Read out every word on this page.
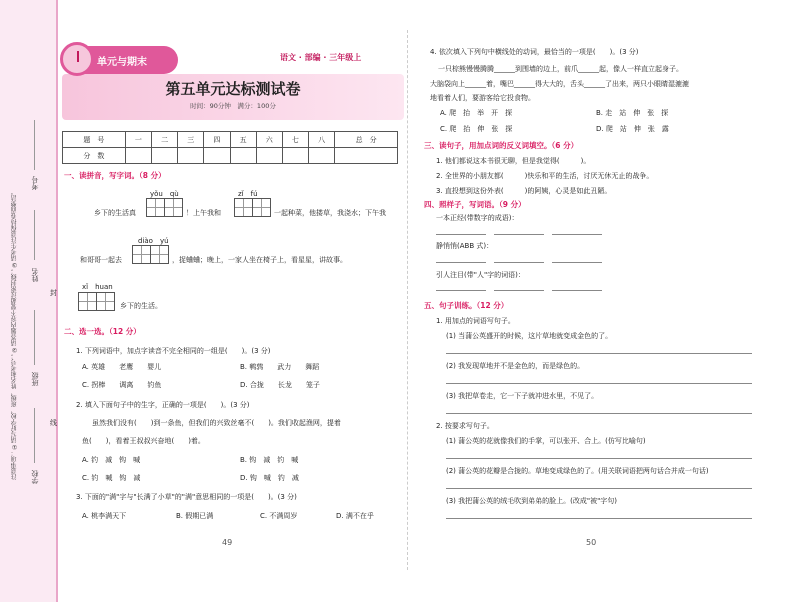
考号
姓名
班级
学校
注意事项：①请写好学校、班级、姓名和考号；②请答题内容不要超过密封线；③请考生注意保持卷面整洁。	封
线
单元与期末	语文 · 部编 · 三年级上
第五单元达标测试卷
时间：90分钟　满分：100分
题　号	一	二	三	四	五	六	七	八	总　分
分　数									
一、读拼音，写字词。（8 分）
yǒu　qù	zǐ　fú
乡下的生活真	！上午我和	一起种菜，他搂草，我浇水；下午我
diào　yú
和哥哥一起去	，捉蛐蛐；晚上，一家人坐在椅子上，看星星，讲故事。
xǐ　huan
乡下的生活。
二、选一选。（12 分）
1. 下列词语中，加点字读音不完全相同的一组是(　　)。(3 分)
A. 英雄　　老鹰　　婴儿	B. 鹌鹑　　武力　　舞蹈
C. 拐棒　　调离　　钓鱼	D. 合拢　　长龙　　笼子
2. 填入下面句子中的生字，正确的一项是(　　)。(3 分)
虽然我们没有(　　)到一条鱼，但我们的兴致丝毫不(　　)。我们收起渔网，提着
鱼(　　)，看着王叔叔兴奋地(　　)着。
A. 钓　减　钩　喊	B. 钩　减　钓　喊
C. 钓　喊　钩　减	D. 钩　喊　钓　减
3. 下面的"满"字与"长满了小草"的"满"意思相同的一项是(　　)。(3 分)
A. 桃李满天下	B. 假期已满	C. 不满周岁	D. 满不在乎
49
4. 依次填入下列句中横线处的动词，最恰当的一项是(　　)。(3 分)
一只棕熊慢慢腾腾______到围墙的边上，前爪______起，像人一样直立起身子。
大脑袋向上______着，嘴巴______得大大的，舌头______了出来，两只小眼睛湿漉漉
地看着人们，要游客给它投食物。
A. 爬　抬　举　开　探	B. 走　站　伸　张　探
C. 爬　抬　伸　张　探	D. 爬　站　伸　张　露
三、读句子，用加点词的反义词填空。（6 分）
1. 他们都说这本书很无聊，但是我觉得(　　　)。
2. 全世界的小朋友都(　　　)快乐和平的生活，讨厌无休无止的战争。
3. 直投想到这份外表(　　　)的阿姨，心灵是如此丑陋。
四、照样子，写词语。（9 分）
一本正经(带数字的成语)：
静悄悄(ABB 式)：
引人注目(带"人"字的词语)：
五、句子训练。（12 分）
1. 用加点的词语写句子。
(1) 当蒲公英盛开的时候，这片草地就变成金色的了。
(2) 我发现草地并不是金色的，而是绿色的。
(3) 我把草卷走，它一下子就冲进水里，不见了。
2. 按要求写句子。
(1) 蒲公英的花就像我们的手掌，可以张开、合上。(仿写比喻句)
(2) 蒲公英的花瓣是合拢的。草地变成绿色的了。(用关联词语把两句话合并成一句话)
(3) 我把蒲公英的绒毛吹到弟弟的脸上。(改成"被"字句)
50
